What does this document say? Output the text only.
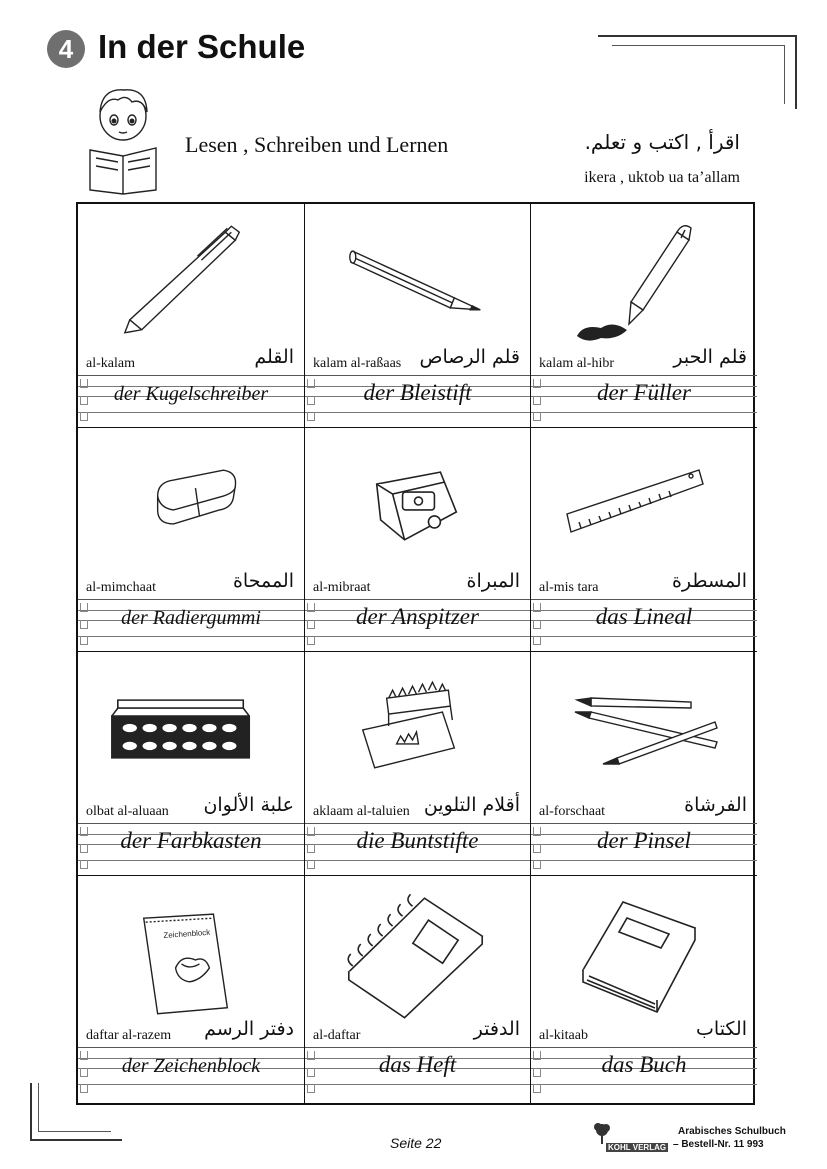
4 In der Schule
Lesen , Schreiben und Lernen	اقرأ , اكتب و تعلم.
ikera , uktob ua ta’allam
al-kalam	القلم
der Kugelschreiber
kalam al-raßaas قلم الرصاص
der Bleistift
kalam al-hibr	قلم الحبر
der Füller
al-mimchaat	الممحاة
der Radiergummi
al-mibraat	المبراة
der Anspitzer
al-mis tara	المسطرة
das Lineal
olbat al-aluaan علبة الألوان
der Farbkasten
aklaam al-taluien أقلام التلوين
die Buntstifte
al-forschaat	الفرشاة
der Pinsel
Zeichenblock
daftar al-razem دفتر الرسم
der Zeichenblock
al-daftar	الدفتر
das Heft
al-kitaab	الكتاب
das Buch
Seite 22	KOHL VERLAG
Arabisches Schulbuch
– Bestell-Nr. 11 993
